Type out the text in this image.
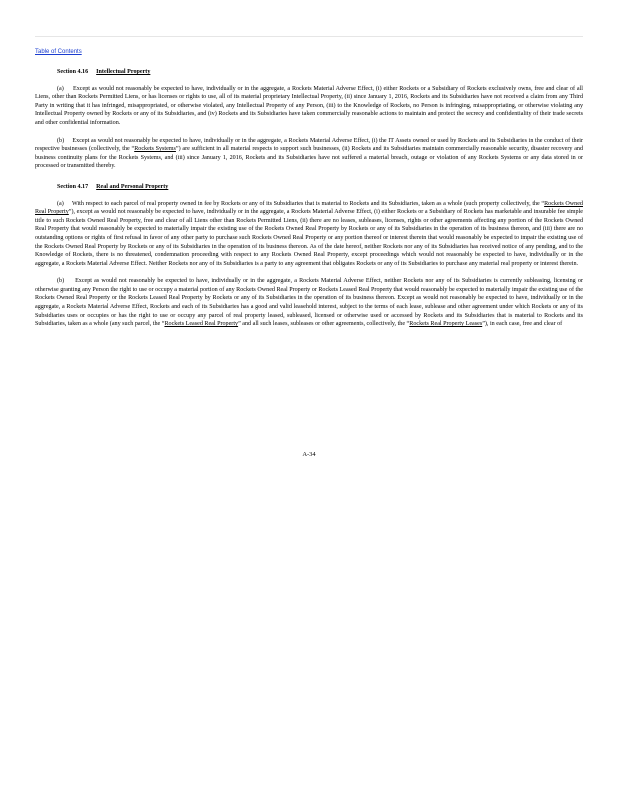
Table of Contents
Section 4.16 Intellectual Property

(a) Except as would not reasonably be expected to have, individually or in the aggregate, a Rockets Material Adverse Effect, (i) either Rockets or a Subsidiary of Rockets exclusively owns, free and clear of all Liens, other than Rockets Permitted Liens, or has licenses or rights to use, all of its material proprietary Intellectual Property, (ii) since January 1, 2016, Rockets and its Subsidiaries have not received a claim from any Third Party in writing that it has infringed, misappropriated, or otherwise violated, any Intellectual Property of any Person, (iii) to the Knowledge of Rockets, no Person is infringing, misappropriating, or otherwise violating any Intellectual Property owned by Rockets or any of its Subsidiaries, and (iv) Rockets and its Subsidiaries have taken commercially reasonable actions to maintain and protect the secrecy and confidentiality of their trade secrets and other confidential information.

(b) Except as would not reasonably be expected to have, individually or in the aggregate, a Rockets Material Adverse Effect, (i) the IT Assets owned or used by Rockets and its Subsidiaries in the conduct of their respective businesses (collectively, the “Rockets Systems”) are sufficient in all material respects to support such businesses, (ii) Rockets and its Subsidiaries maintain commercially reasonable security, disaster recovery and business continuity plans for the Rockets Systems, and (iii) since January 1, 2016, Rockets and its Subsidiaries have not suffered a material breach, outage or violation of any Rockets Systems or any data stored in or processed or transmitted thereby.

Section 4.17 Real and Personal Property

(a) With respect to each parcel of real property owned in fee by Rockets or any of its Subsidiaries that is material to Rockets and its Subsidiaries, taken as a whole (such property collectively, the “Rockets Owned Real Property”), except as would not reasonably be expected to have, individually or in the aggregate, a Rockets Material Adverse Effect, (i) either Rockets or a Subsidiary of Rockets has marketable and insurable fee simple title to such Rockets Owned Real Property, free and clear of all Liens other than Rockets Permitted Liens, (ii) there are no leases, subleases, licenses, rights or other agreements affecting any portion of the Rockets Owned Real Property that would reasonably be expected to materially impair the existing use of the Rockets Owned Real Property by Rockets or any of its Subsidiaries in the operation of its business thereon, and (iii) there are no outstanding options or rights of first refusal in favor of any other party to purchase such Rockets Owned Real Property or any portion thereof or interest therein that would reasonably be expected to impair the existing use of the Rockets Owned Real Property by Rockets or any of its Subsidiaries in the operation of its business thereon. As of the date hereof, neither Rockets nor any of its Subsidiaries has received notice of any pending, and to the Knowledge of Rockets, there is no threatened, condemnation proceeding with respect to any Rockets Owned Real Property, except proceedings which would not reasonably be expected to have, individually or in the aggregate, a Rockets Material Adverse Effect. Neither Rockets nor any of its Subsidiaries is a party to any agreement that obligates Rockets or any of its Subsidiaries to purchase any material real property or interest therein.

(b) Except as would not reasonably be expected to have, individually or in the aggregate, a Rockets Material Adverse Effect, neither Rockets nor any of its Subsidiaries is currently subleasing, licensing or otherwise granting any Person the right to use or occupy a material portion of any Rockets Owned Real Property or Rockets Leased Real Property that would reasonably be expected to materially impair the existing use of the Rockets Owned Real Property or the Rockets Leased Real Property by Rockets or any of its Subsidiaries in the operation of its business thereon. Except as would not reasonably be expected to have, individually or in the aggregate, a Rockets Material Adverse Effect, Rockets and each of its Subsidiaries has a good and valid leasehold interest, subject to the terms of each lease, sublease and other agreement under which Rockets or any of its Subsidiaries uses or occupies or has the right to use or occupy any parcel of real property leased, subleased, licensed or otherwise used or accessed by Rockets and its Subsidiaries that is material to Rockets and its Subsidiaries, taken as a whole (any such parcel, the “Rockets Leased Real Property” and all such leases, subleases or other agreements, collectively, the “Rockets Real Property Leases”), in each case, free and clear of

A-34
